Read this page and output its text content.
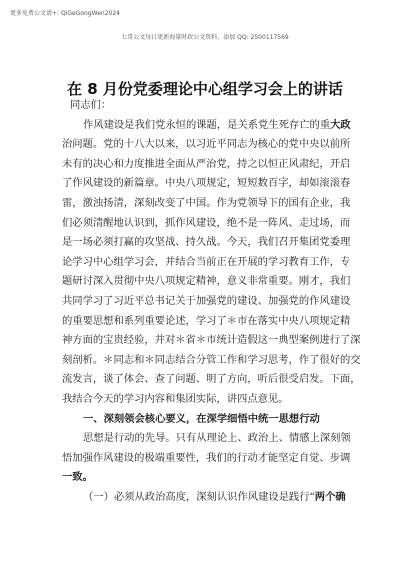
更多免费公文请+: QiGeGongWen2024
七哥公文每日更新海量时政公文资料，添加 QQ: 2500117569
在 8 月份党委理论中心组学习会上的讲话
同志们：
作风建设是我们党永恒的课题，是关系党生死存亡的重大政
治问题。党的十八大以来，以习近平同志为核心的党中央以前所
未有的决心和力度推进全面从严治党，持之以恒正风肃纪，开启
了作风建设的新篇章。中央八项规定，短短数百字，却如滚滚春
雷，激浊扬清，深刻改变了中国。作为党领导下的国有企业，我
们必须清醒地认识到，抓作风建设，绝不是一阵风、走过场，而
是一场必须打赢的攻坚战、持久战。今天，我们召开集团党委理
论学习中心组学习会，并结合当前正在开展的学习教育工作，专
题研讨深入贯彻中央八项规定精神，意义非常重要。刚才，我们
共同学习了习近平总书记关于加强党的建设、加强党的作风建设
的重要思想和系列重要论述，学习了＊市在落实中央八项规定精
神方面的宝贵经验，并对＊省＊市统计造假这一典型案例进行了深
刻剖析。＊同志和＊同志结合分管工作和学习思考，作了很好的交
流发言，谈了体会、查了问题、明了方向，听后很受启发。下面，
我结合今天的学习内容和集团实际，讲四点意见。
一、深刻领会核心要义，在深学细悟中统一思想行动
思想是行动的先导。只有从理论上、政治上、情感上深刻领
悟加强作风建设的极端重要性，我们的行动才能坚定自觉、步调
一致。
（一）必须从政治高度，深刻认识作风建设是践行“两个确
